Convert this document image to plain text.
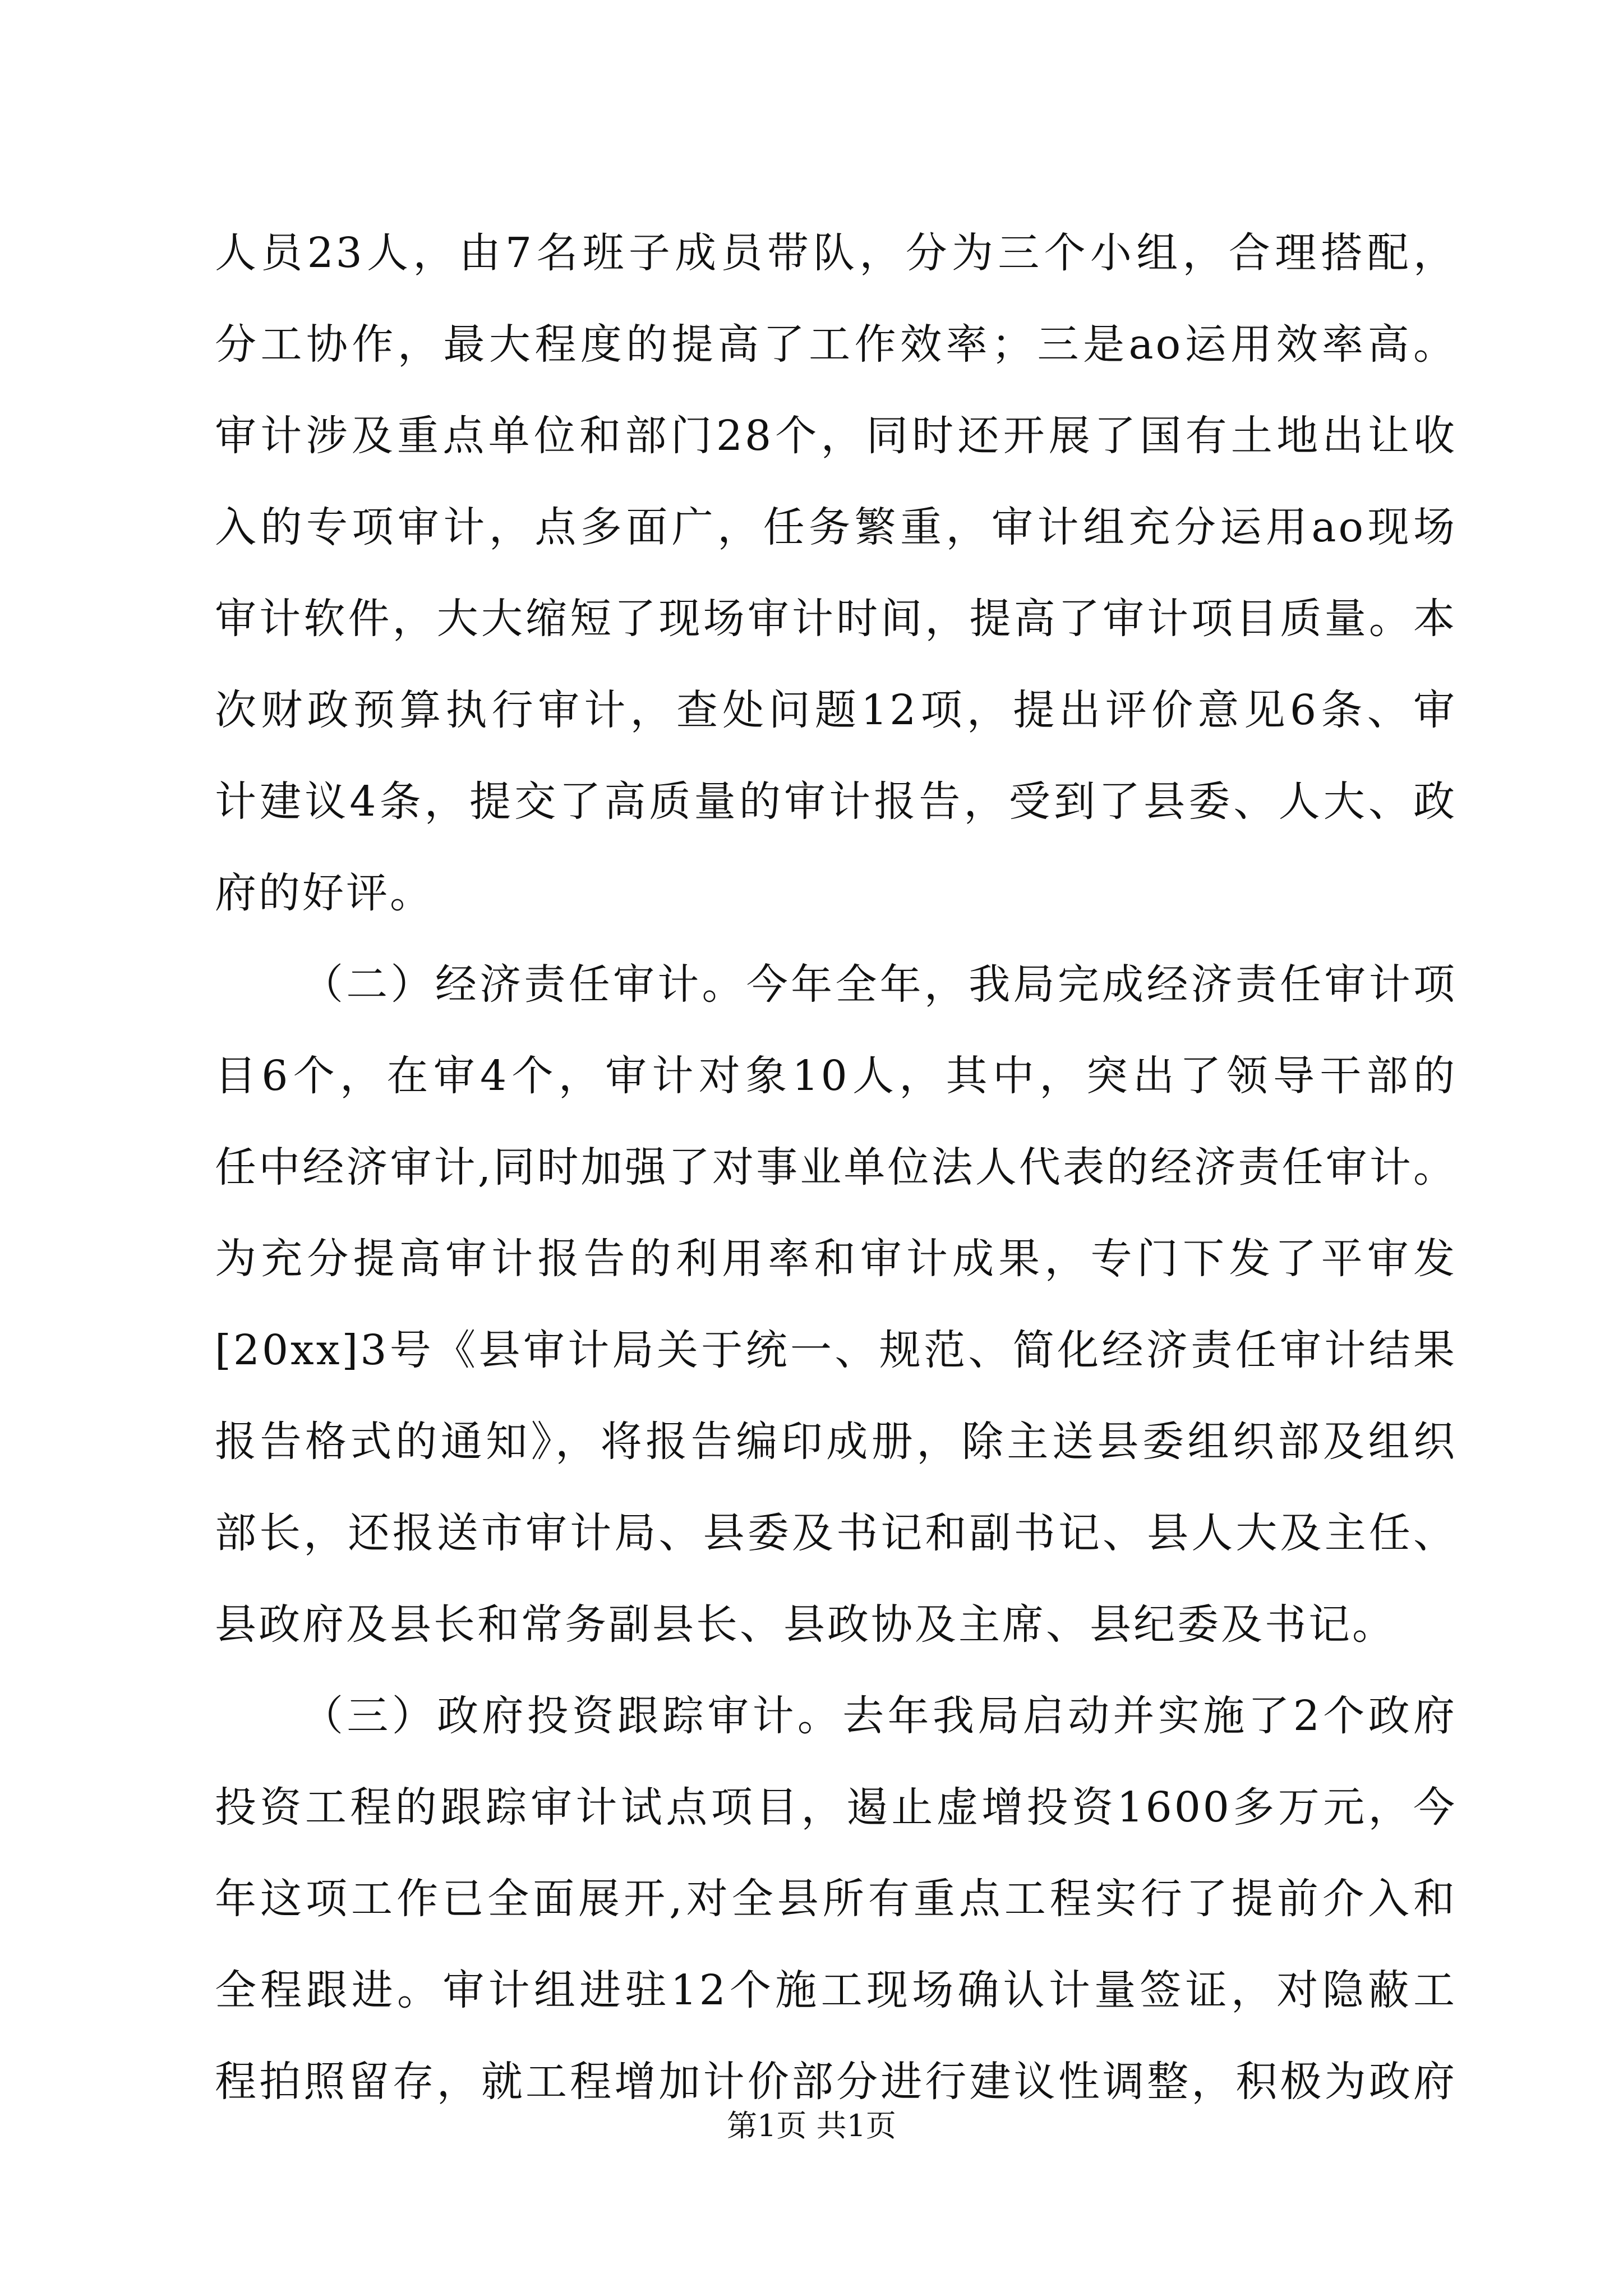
人员23人，由7名班子成员带队，分为三个小组，合理搭配，
分工协作，最大程度的提高了工作效率；三是ao运用效率高。
审计涉及重点单位和部门28个，同时还开展了国有土地出让收
入的专项审计，点多面广，任务繁重，审计组充分运用ao现场
审计软件，大大缩短了现场审计时间，提高了审计项目质量。本
次财政预算执行审计，查处问题12项，提出评价意见6条、审
计建议4条，提交了高质量的审计报告，受到了县委、人大、政
府的好评。
（二）经济责任审计。今年全年，我局完成经济责任审计项
目6个，在审4个，审计对象10人，其中，突出了领导干部的
任中经济审计,同时加强了对事业单位法人代表的经济责任审计。
为充分提高审计报告的利用率和审计成果，专门下发了平审发
[20xx]3号《县审计局关于统一、规范、简化经济责任审计结果
报告格式的通知》，将报告编印成册，除主送县委组织部及组织
部长，还报送市审计局、县委及书记和副书记、县人大及主任、
县政府及县长和常务副县长、县政协及主席、县纪委及书记。
（三）政府投资跟踪审计。去年我局启动并实施了2个政府
投资工程的跟踪审计试点项目，遏止虚增投资1600多万元，今
年这项工作已全面展开,对全县所有重点工程实行了提前介入和
全程跟进。审计组进驻12个施工现场确认计量签证，对隐蔽工
程拍照留存，就工程增加计价部分进行建议性调整，积极为政府
第1页 共1页
